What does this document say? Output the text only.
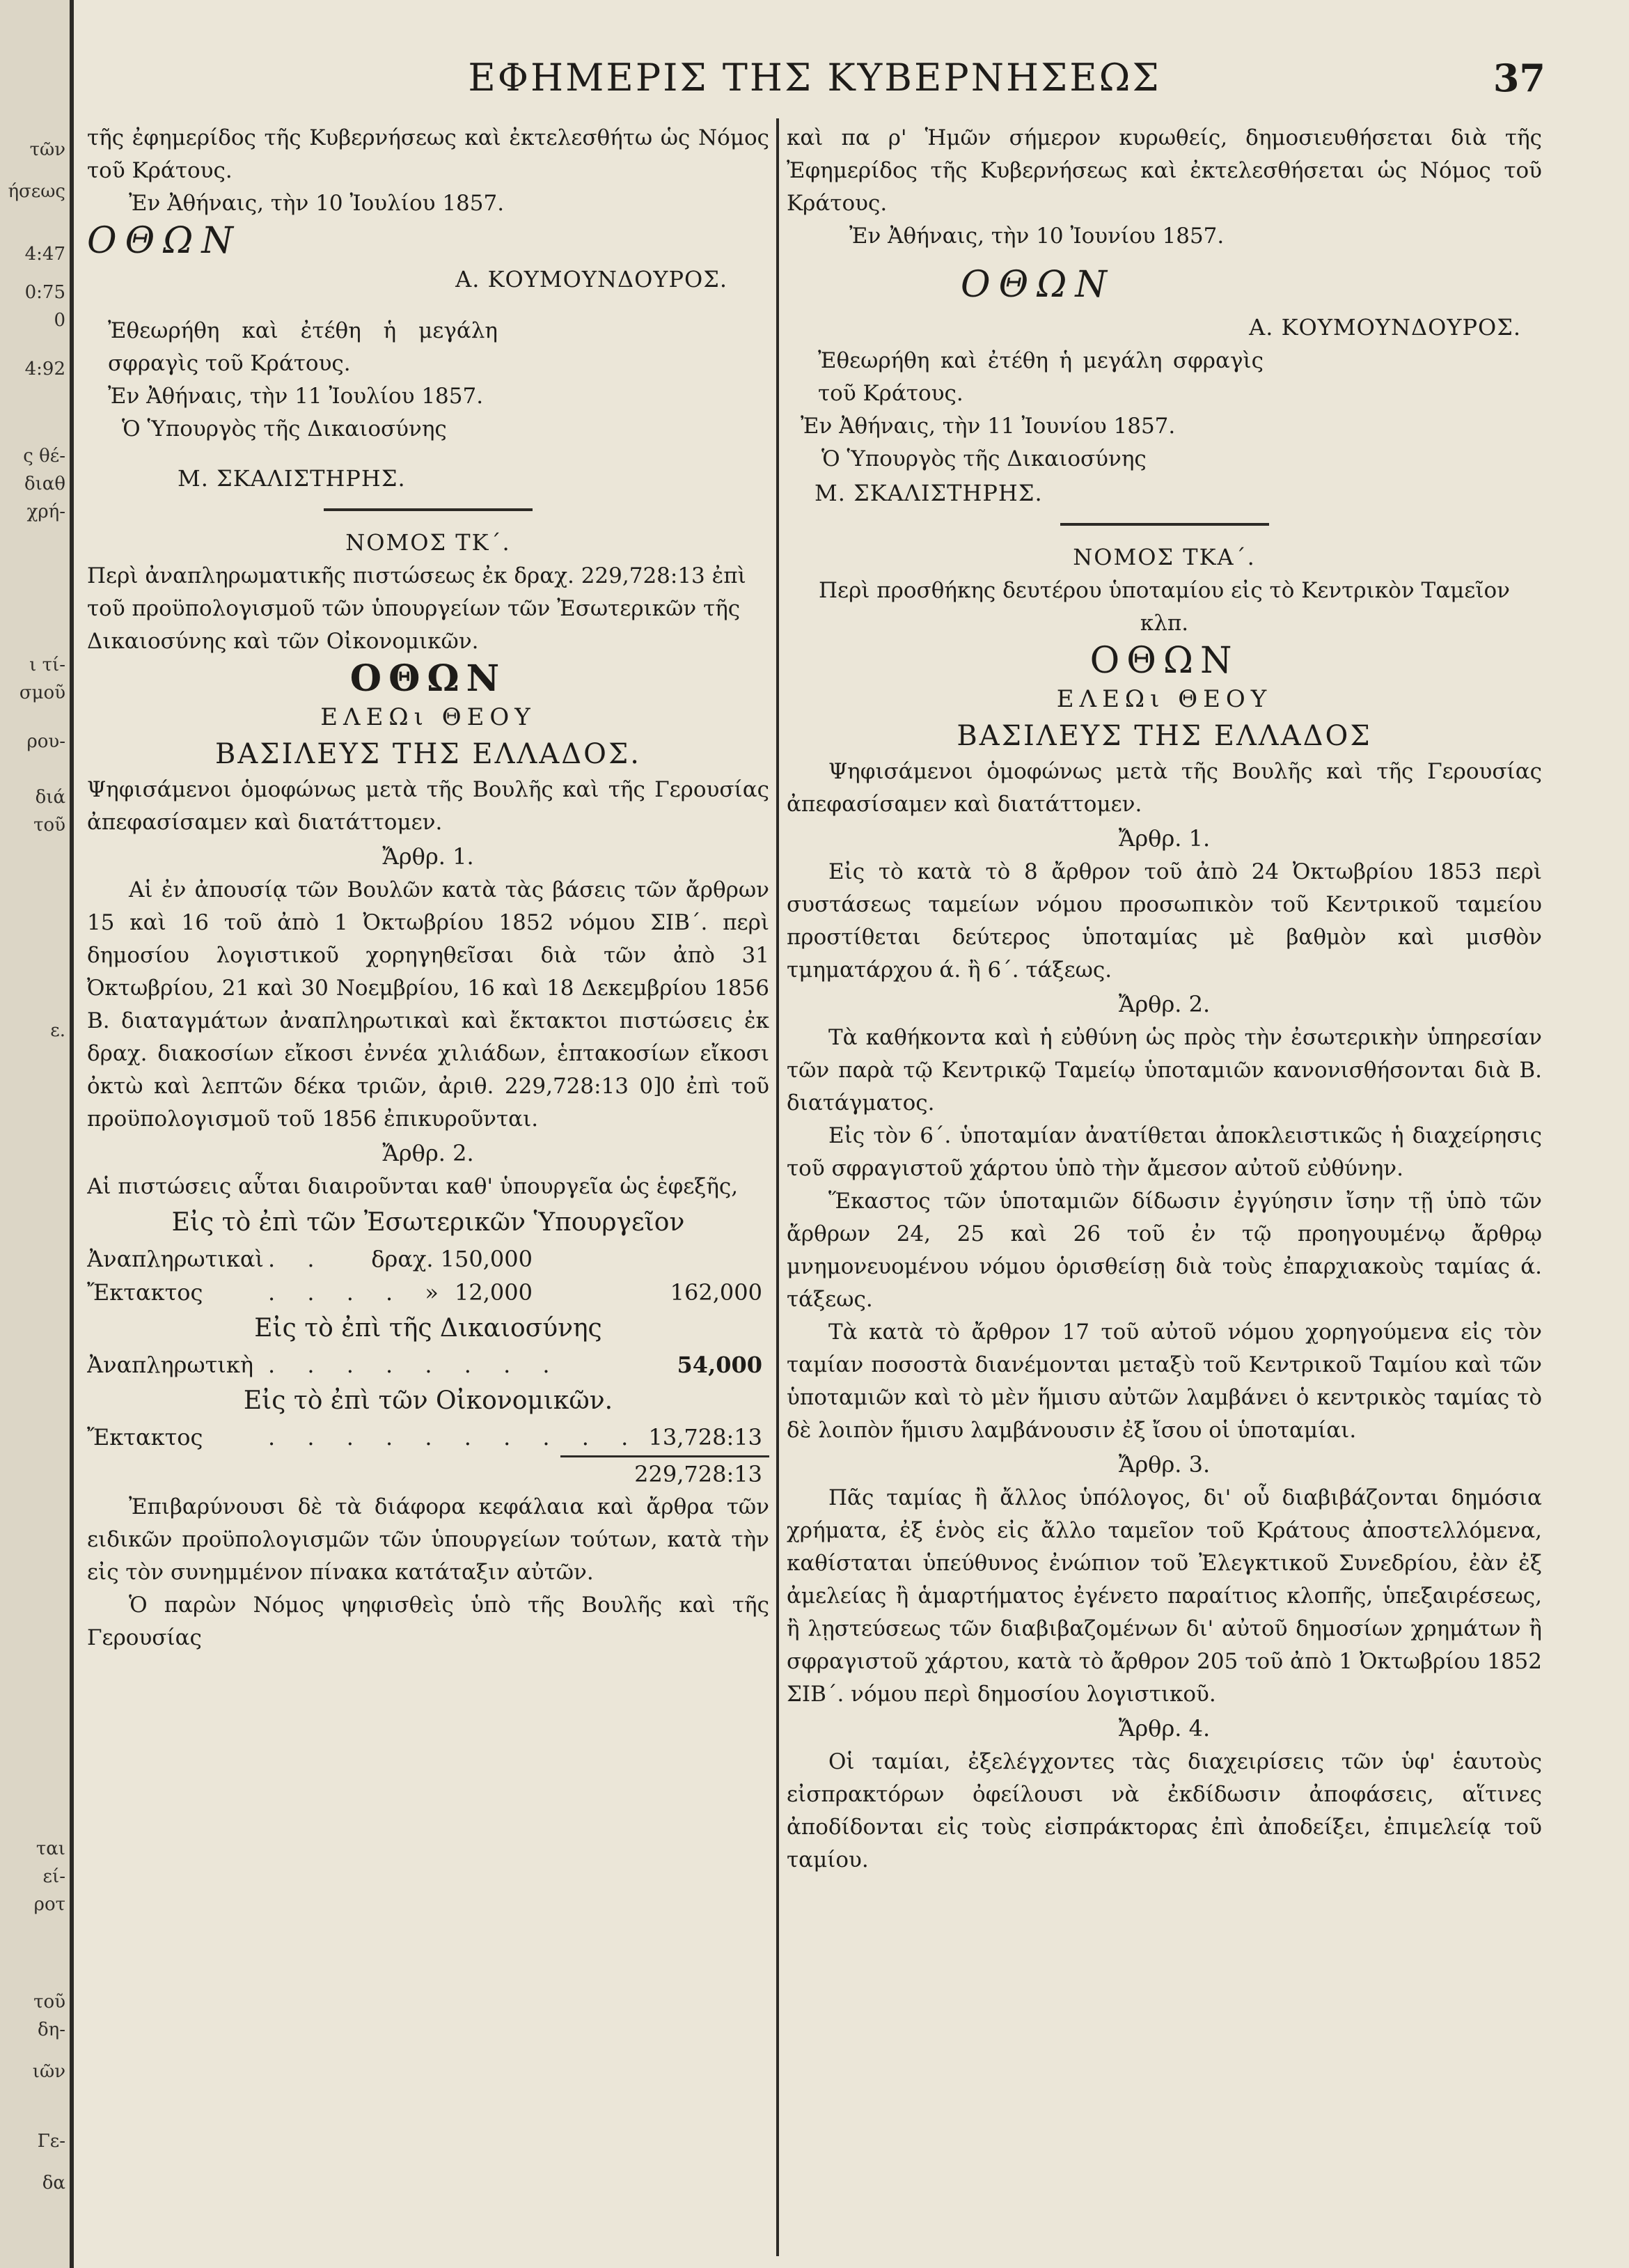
τῶν
ήσεως
4:47
0:75
0
4:92
ς θέ-
διαθ
χρή-
ι τί-
σμοῦ
ρου-
διά
τοῦ
ε.
ται
εί-
ροτ
τοῦ
δη-
ιῶν
Γε-
δα
ΕΦΗΜΕΡΙΣ ΤΗΣ ΚΥΒΕΡΝΗΣΕΩΣ	37

τῆς ἐφημερίδος τῆς Κυβερνήσεως καὶ ἐκτελεσθήτω ὡς Νόμος τοῦ Κράτους.

Ἐν Ἀθήναις, τὴν 10 Ἰουλίου 1857.

ΟΘΩΝ

Α. ΚΟΥΜΟΥΝΔΟΥΡΟΣ.

Ἐθεωρήθη καὶ ἐτέθη ἡ μεγάλη σφραγὶς τοῦ Κράτους.

Ἐν Ἀθήναις, τὴν 11 Ἰουλίου 1857.

Ὁ Ὑπουργὸς τῆς Δικαιοσύνης

Μ. ΣΚΑΛΙΣΤΗΡΗΣ.

ΝΟΜΟΣ ΤΚ΄.

Περὶ ἀναπληρωματικῆς πιστώσεως ἐκ δραχ. 229,728:13 ἐπὶ τοῦ προϋπολογισμοῦ τῶν ὑπουργείων τῶν Ἐσωτερικῶν τῆς Δικαιοσύνης καὶ τῶν Οἰκονομικῶν.

ΟΘΩΝ

ΕΛΕΩι ΘΕΟΥ

ΒΑΣΙΛΕΥΣ ΤΗΣ ΕΛΛΑΔΟΣ.

Ψηφισάμενοι ὁμοφώνως μετὰ τῆς Βουλῆς καὶ τῆς Γερουσίας ἀπεφασίσαμεν καὶ διατάττομεν.

Ἄρθρ. 1.

Αἱ ἐν ἀπουσίᾳ τῶν Βουλῶν κατὰ τὰς βάσεις τῶν ἄρθρων 15 καὶ 16 τοῦ ἀπὸ 1 Ὀκτωβρίου 1852 νόμου ΣΙΒ΄. περὶ δημοσίου λογιστικοῦ χορηγηθεῖσαι διὰ τῶν ἀπὸ 31 Ὀκτωβρίου, 21 καὶ 30 Νοεμβρίου, 16 καὶ 18 Δεκεμβρίου 1856 Β. διαταγμάτων ἀναπληρωτικαὶ καὶ ἔκτακτοι πιστώσεις ἐκ δραχ. διακοσίων εἴκοσι ἐννέα χιλιάδων, ἑπτακοσίων εἴκοσι ὀκτὼ καὶ λεπτῶν δέκα τριῶν, ἀριθ. 229,728:13 0]0 ἐπὶ τοῦ προϋπολογισμοῦ τοῦ 1856 ἐπικυροῦνται.

Ἄρθρ. 2.

Αἱ πιστώσεις αὗται διαιροῦνται καθ' ὑπουργεῖα ὡς ἑφεξῆς,

Εἰς τὸ ἐπὶ τῶν Ἐσωτερικῶν Ὑπουργεῖον

Ἀναπληρωτικαὶ . . δραχ. 150,000
Ἔκτακτος	. . . . » 12,000	162,000

Εἰς τὸ ἐπὶ τῆς Δικαιοσύνης

Ἀναπληρωτικὴ . . . . . . . .	54,000

Εἰς τὸ ἐπὶ τῶν Οἰκονομικῶν.

Ἔκτακτος	. . . . . . . . . . 13,728:13
229,728:13

Ἐπιβαρύνουσι δὲ τὰ διάφορα κεφάλαια καὶ ἄρθρα τῶν ειδικῶν προϋπολογισμῶν τῶν ὑπουργείων τούτων, κατὰ τὴν εἰς τὸν συνημμένον πίνακα κατάταξιν αὐτῶν.

Ὁ παρὼν Νόμος ψηφισθεὶς ὑπὸ τῆς Βουλῆς καὶ τῆς Γερουσίας

καὶ πα ρ' Ἡμῶν σήμερον κυρωθείς, δημοσιευθήσεται διὰ τῆς Ἐφημερίδος τῆς Κυβερνήσεως καὶ ἐκτελεσθήσεται ὡς Νόμος τοῦ Κράτους.

Ἐν Ἀθήναις, τὴν 10 Ἰουνίου 1857.

ΟΘΩΝ

Α. ΚΟΥΜΟΥΝΔΟΥΡΟΣ.

Ἐθεωρήθη καὶ ἐτέθη ἡ μεγάλη σφραγὶς τοῦ Κράτους.

Ἐν Ἀθήναις, τὴν 11 Ἰουνίου 1857.

Ὁ Ὑπουργὸς τῆς Δικαιοσύνης

Μ. ΣΚΑΛΙΣΤΗΡΗΣ.

ΝΟΜΟΣ ΤΚΑ΄.

Περὶ προσθήκης δευτέρου ὑποταμίου εἰς τὸ Κεντρικὸν Ταμεῖον κλπ.

ΟΘΩΝ

ΕΛΕΩι ΘΕΟΥ

ΒΑΣΙΛΕΥΣ ΤΗΣ ΕΛΛΑΔΟΣ

Ψηφισάμενοι ὁμοφώνως μετὰ τῆς Βουλῆς καὶ τῆς Γερουσίας ἀπεφασίσαμεν καὶ διατάττομεν.

Ἄρθρ. 1.

Εἰς τὸ κατὰ τὸ 8 ἄρθρον τοῦ ἀπὸ 24 Ὀκτωβρίου 1853 περὶ συστάσεως ταμείων νόμου προσωπικὸν τοῦ Κεντρικοῦ ταμείου προστίθεται δεύτερος ὑποταμίας μὲ βαθμὸν καὶ μισθὸν τμηματάρχου ά. ἢ 6΄. τάξεως.

Ἄρθρ. 2.

Τὰ καθήκοντα καὶ ἡ εὐθύνη ὡς πρὸς τὴν ἐσωτερικὴν ὑπηρεσίαν τῶν παρὰ τῷ Κεντρικῷ Ταμείῳ ὑποταμιῶν κανονισθήσονται διὰ Β. διατάγματος.

Εἰς τὸν 6΄. ὑποταμίαν ἀνατίθεται ἀποκλειστικῶς ἡ διαχείρησις τοῦ σφραγιστοῦ χάρτου ὑπὸ τὴν ἄμεσον αὐτοῦ εὐθύνην.

Ἕκαστος τῶν ὑποταμιῶν δίδωσιν ἐγγύησιν ἴσην τῇ ὑπὸ τῶν ἄρθρων 24, 25 καὶ 26 τοῦ ἐν τῷ προηγουμένῳ ἄρθρῳ μνημονευομένου νόμου ὁρισθείσῃ διὰ τοὺς ἐπαρχιακοὺς ταμίας ά. τάξεως.

Τὰ κατὰ τὸ ἄρθρον 17 τοῦ αὐτοῦ νόμου χορηγούμενα εἰς τὸν ταμίαν ποσοστὰ διανέμονται μεταξὺ τοῦ Κεντρικοῦ Ταμίου καὶ τῶν ὑποταμιῶν καὶ τὸ μὲν ἥμισυ αὐτῶν λαμβάνει ὁ κεντρικὸς ταμίας τὸ δὲ λοιπὸν ἥμισυ λαμβάνουσιν ἐξ ἴσου οἱ ὑποταμίαι.

Ἄρθρ. 3.

Πᾶς ταμίας ἢ ἄλλος ὑπόλογος, δι' οὗ διαβιβάζονται δημόσια χρήματα, ἐξ ἑνὸς εἰς ἄλλο ταμεῖον τοῦ Κράτους ἀποστελλόμενα, καθίσταται ὑπεύθυνος ἐνώπιον τοῦ Ἐλεγκτικοῦ Συνεδρίου, ἐὰν ἐξ ἀμελείας ἢ ἁμαρτήματος ἐγένετο παραίτιος κλοπῆς, ὑπεξαιρέσεως, ἢ λῃστεύσεως τῶν διαβιβαζομένων δι' αὐτοῦ δημοσίων χρημάτων ἢ σφραγιστοῦ χάρτου, κατὰ τὸ ἄρθρον 205 τοῦ ἀπὸ 1 Ὀκτωβρίου 1852 ΣΙΒ΄. νόμου περὶ δημοσίου λογιστικοῦ.

Ἄρθρ. 4.

Οἱ ταμίαι, ἐξελέγχοντες τὰς διαχειρίσεις τῶν ὑφ' ἑαυτοὺς εἰσπρακτόρων ὀφείλουσι νὰ ἐκδίδωσιν ἀποφάσεις, αἵτινες ἀποδίδονται εἰς τοὺς εἰσπράκτορας ἐπὶ ἀποδείξει, ἐπιμελείᾳ τοῦ ταμίου.
